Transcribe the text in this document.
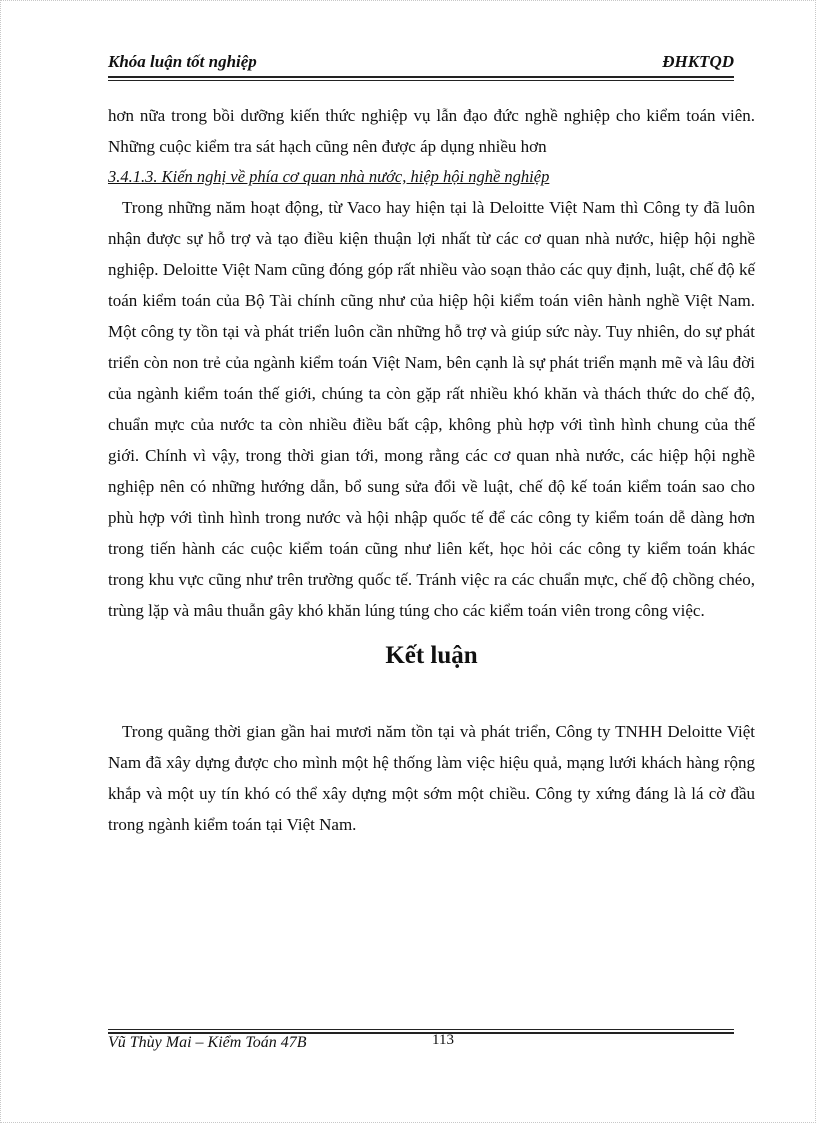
Khóa luận tốt nghiệp	ĐHKTQD

hơn nữa trong bồi dưỡng kiến thức nghiệp vụ lẫn đạo đức nghề nghiệp cho kiểm toán viên. Những cuộc kiểm tra sát hạch cũng nên được áp dụng nhiều hơn

3.4.1.3. Kiến nghị về phía cơ quan nhà nước, hiệp hội nghề nghiệp

Trong những năm hoạt động, từ Vaco hay hiện tại là Deloitte Việt Nam thì Công ty đã luôn nhận được sự hỗ trợ và tạo điều kiện thuận lợi nhất từ các cơ quan nhà nước, hiệp hội nghề nghiệp. Deloitte Việt Nam cũng đóng góp rất nhiều vào soạn thảo các quy định, luật, chế độ kế toán kiểm toán của Bộ Tài chính cũng như của hiệp hội kiểm toán viên hành nghề Việt Nam. Một công ty tồn tại và phát triển luôn cần những hỗ trợ và giúp sức này. Tuy nhiên, do sự phát triển còn non trẻ của ngành kiểm toán Việt Nam, bên cạnh là sự phát triển mạnh mẽ và lâu đời của ngành kiểm toán thế giới, chúng ta còn gặp rất nhiều khó khăn và thách thức do chế độ, chuẩn mực của nước ta còn nhiều điều bất cập, không phù hợp với tình hình chung của thế giới. Chính vì vậy, trong thời gian tới, mong rằng các cơ quan nhà nước, các hiệp hội nghề nghiệp nên có những hướng dẫn, bổ sung sửa đổi về luật, chế độ kế toán kiểm toán sao cho phù hợp với tình hình trong nước và hội nhập quốc tế để các công ty kiểm toán dễ dàng hơn trong tiến hành các cuộc kiểm toán cũng như liên kết, học hỏi các công ty kiểm toán khác trong khu vực cũng như trên trường quốc tế. Tránh việc ra các chuẩn mực, chế độ chồng chéo, trùng lặp và mâu thuẫn gây khó khăn lúng túng cho các kiểm toán viên trong công việc.

Kết luận

Trong quãng thời gian gần hai mươi năm tồn tại và phát triển, Công ty TNHH Deloitte Việt Nam đã xây dựng được cho mình một hệ thống làm việc hiệu quả, mạng lưới khách hàng rộng khắp và một uy tín khó có thể xây dựng một sớm một chiều. Công ty xứng đáng là lá cờ đầu trong ngành kiểm toán tại Việt Nam.

Vũ Thùy Mai – Kiểm Toán 47B	113
